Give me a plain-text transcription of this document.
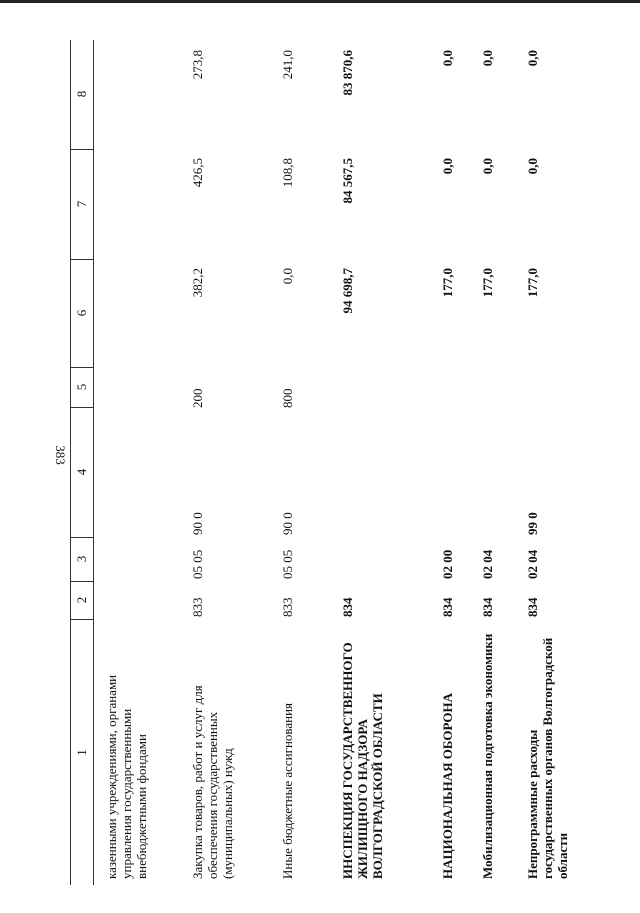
383
1
2
3
4
5
6
7
8
казенными учреждениями, органами управления государственными внебюджетными фондами	Закупка товаров, работ и услуг для обеспечения государственных (муниципальных) нужд
833
05 05
90 0
200
382,2
426,5
273,8
Иные бюджетные ассигнования
833
05 05
90 0
800
0,0
108,8
241,0
ИНСПЕКЦИЯ ГОСУДАРСТВЕННОГО ЖИЛИЩНОГО НАДЗОРА ВОЛГОГРАДСКОЙ ОБЛАСТИ
834
94 698,7
84 567,5
83 870,6
НАЦИОНАЛЬНАЯ ОБОРОНА
834
02 00
177,0
0,0
0,0
Мобилизационная подготовка экономики
834
02 04
177,0
0,0
0,0
Непрограммные расходы государственных органов Волгоградской области
834
02 04
99 0
177,0
0,0
0,0
